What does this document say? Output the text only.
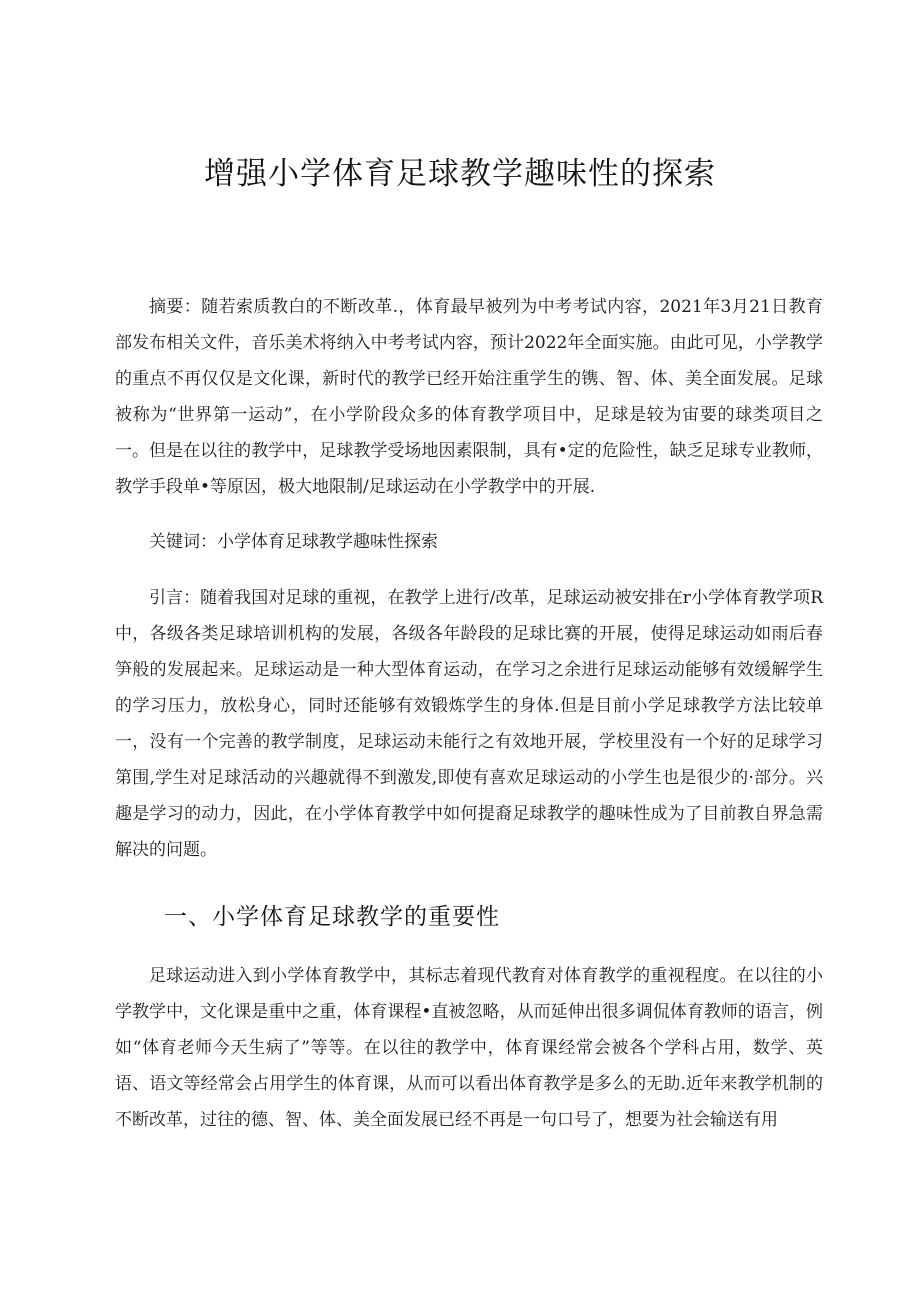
增强小学体育足球教学趣味性的探索

摘要：随若索质教白的不断改革.，体育最早被列为中考考试内容，2021年3月21日教育部发布相关文件，音乐美术将纳入中考考试内容，预计2022年全面实施。由此可见，小学教学的重点不再仅仅是文化课，新时代的教学已经开始注重学生的镌、智、体、美全面发展。足球被称为“世界第一运动”，在小学阶段众多的体育教学项目中，足球是较为宙要的球类项目之一。但是在以往的教学中，足球教学受场地因素限制，具有•定的危险性，缺乏足球专业教师，教学手段单•等原因，极大地限制/足球运动在小学教学中的开展.

关键词：小学体育足球教学趣味性探索

引言：随着我国对足球的重视，在教学上进行/改革，足球运动被安排在r小学体育教学项R中，各级各类足球培训机构的发展，各级各年龄段的足球比赛的开展，使得足球运动如雨后春笋般的发展起来。足球运动是一种大型体育运动，在学习之余进行足球运动能够有效缓解学生的学习压力，放松身心，同时还能够有效锻炼学生的身体.但是目前小学足球教学方法比较单一，没有一个完善的教学制度，足球运动未能行之有效地开展，学校里没有一个好的足球学习第围,学生对足球活动的兴趣就得不到激发,即使有喜欢足球运动的小学生也是很少的·部分。兴趣是学习的动力，因此，在小学体育教学中如何提裔足球教学的趣味性成为了目前教自界急需解决的问题。

一、小学体育足球教学的重要性

足球运动进入到小学体育教学中，其标志着现代教育对体育教学的重视程度。在以往的小学教学中，文化课是重中之重，体育课程•直被忽略，从而延伸出很多调侃体育教师的语言，例如“体育老师今天生病了”等等。在以往的教学中，体育课经常会被各个学科占用，数学、英语、语文等经常会占用学生的体育课，从而可以看出体育教学是多么的无助.近年来教学机制的不断改革，过往的德、智、体、美全面发展已经不再是一句口号了，想要为社会输送有用
